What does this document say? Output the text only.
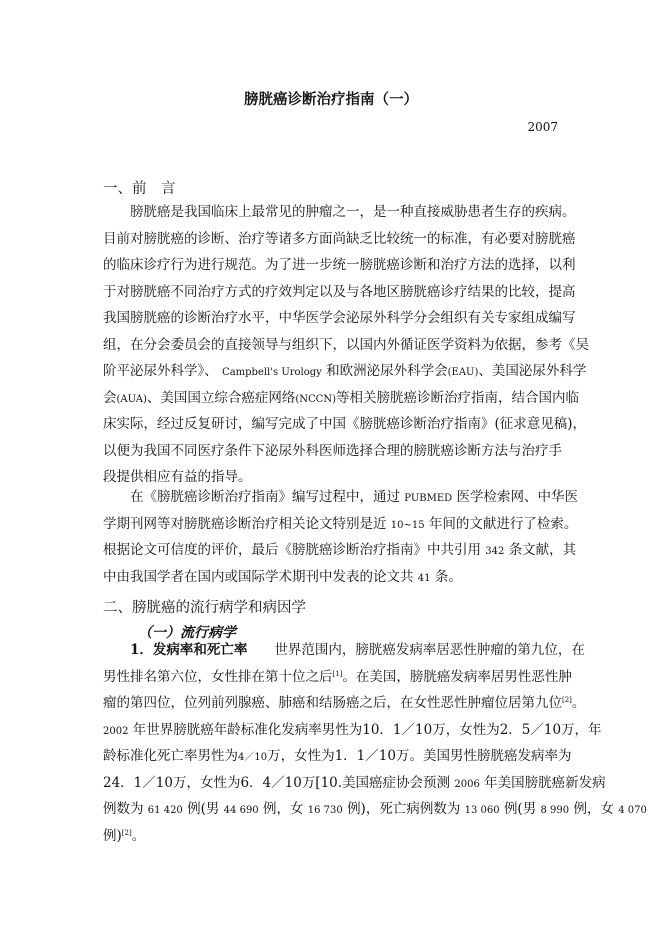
膀胱癌诊断治疗指南（一）
2007
一、前　言
膀胱癌是我国临床上最常见的肿瘤之一，是一种直接威胁患者生存的疾病。
目前对膀胱癌的诊断、治疗等诸多方面尚缺乏比较统一的标准，有必要对膀胱癌
的临床诊疗行为进行规范。为了进一步统一膀胱癌诊断和治疗方法的选择，以利
于对膀胱癌不同治疗方式的疗效判定以及与各地区膀胱癌诊疗结果的比较，提高
我国膀胱癌的诊断治疗水平，中华医学会泌尿外科学分会组织有关专家组成编写
组，在分会委员会的直接领导与组织下，以国内外循证医学资料为依据，参考《吴
阶平泌尿外科学》、 Campbell's Urology 和欧洲泌尿外科学会(EAU)、美国泌尿外科学
会(AUA)、美国国立综合癌症网络(NCCN)等相关膀胱癌诊断治疗指南，结合国内临
床实际，经过反复研讨，编写完成了中国《膀胱癌诊断治疗指南》(征求意见稿)，
以便为我国不同医疗条件下泌尿外科医师选择合理的膀胱癌诊断方法与治疗手
段提供相应有益的指导。
在《膀胱癌诊断治疗指南》编写过程中，通过 PUBMED 医学检索网、中华医
学期刊网等对膀胱癌诊断治疗相关论文特别是近 10~15 年间的文献进行了检索。
根据论文可信度的评价，最后《膀胱癌诊断治疗指南》中共引用 342 条文献，其
中由我国学者在国内或国际学术期刊中发表的论文共 41 条。
二、膀胱癌的流行病学和病因学
（一）流行病学
1．发病率和死亡率　　世界范围内，膀胱癌发病率居恶性肿瘤的第九位，在
男性排名第六位，女性排在第十位之后[1]。在美国，膀胱癌发病率居男性恶性肿
瘤的第四位，位列前列腺癌、肺癌和结肠癌之后，在女性恶性肿瘤位居第九位[2]。
2002 年世界膀胱癌年龄标准化发病率男性为10．1／10万，女性为2．5／10万，年
龄标准化死亡率男性为4／10万，女性为1．1／10万。美国男性膀胱癌发病率为
24．1／10万，女性为6．4／10万[10.美国癌症协会预测 2006 年美国膀胱癌新发病
例数为 61 420 例(男 44 690 例，女 16 730 例)，死亡病例数为 13 060 例(男 8 990 例，女 4 070
例)[2]。
